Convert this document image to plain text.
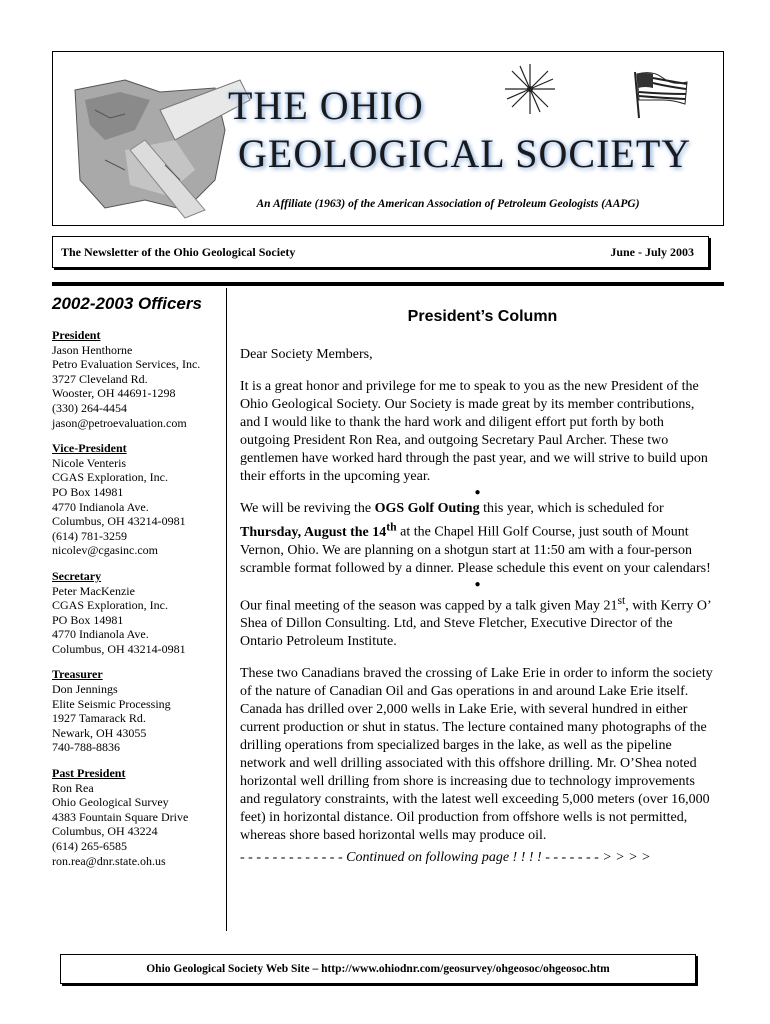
THE OHIO
GEOLOGICAL SOCIETY
An Affiliate (1963) of the American Association of Petroleum Geologists (AAPG)
The Newsletter of the Ohio Geological Society	June - July 2003
2002-2003 Officers
President
Jason Henthorne
Petro Evaluation Services, Inc.
3727 Cleveland Rd.
Wooster, OH 44691-1298
(330) 264-4454
jason@petroevaluation.com
Vice-President
Nicole Venteris
CGAS Exploration, Inc.
PO Box 14981
4770 Indianola Ave.
Columbus, OH 43214-0981
(614) 781-3259
nicolev@cgasinc.com
Secretary
Peter MacKenzie
CGAS Exploration, Inc.
PO Box 14981
4770 Indianola Ave.
Columbus, OH 43214-0981
Treasurer
Don Jennings
Elite Seismic Processing
1927 Tamarack Rd.
Newark, OH 43055
740-788-8836
Past President
Ron Rea
Ohio Geological Survey
4383 Fountain Square Drive
Columbus, OH 43224
(614) 265-6585
ron.rea@dnr.state.oh.us
President’s Column

Dear Society Members,

It is a great honor and privilege for me to speak to you as the new President of the Ohio Geological Society. Our Society is made great by its member contributions, and I would like to thank the hard work and diligent effort put forth by both outgoing President Ron Rea, and outgoing Secretary Paul Archer. These two gentlemen have worked hard through the past year, and we will strive to build upon their efforts in the upcoming year.

●

We will be reviving the OGS Golf Outing this year, which is scheduled for Thursday, August the 14th at the Chapel Hill Golf Course, just south of Mount Vernon, Ohio. We are planning on a shotgun start at 11:50 am with a four-person scramble format followed by a dinner. Please schedule this event on your calendars!

●

Our final meeting of the season was capped by a talk given May 21st, with Kerry O’ Shea of Dillon Consulting. Ltd, and Steve Fletcher, Executive Director of the Ontario Petroleum Institute.

These two Canadians braved the crossing of Lake Erie in order to inform the society of the nature of Canadian Oil and Gas operations in and around Lake Erie itself. Canada has drilled over 2,000 wells in Lake Erie, with several hundred in either current production or shut in status. The lecture contained many photographs of the drilling operations from specialized barges in the lake, as well as the pipeline network and well drilling associated with this offshore drilling. Mr. O’Shea noted horizontal well drilling from shore is increasing due to technology improvements and regulatory constraints, with the latest well exceeding 5,000 meters (over 16,000 feet) in horizontal distance. Oil production from offshore wells is not permitted, whereas shore based horizontal wells may produce oil.

- - - - - - - - - - - - - Continued on following page ! ! ! ! - - - - - - - > > > >
Ohio Geological Society Web Site – http://www.ohiodnr.com/geosurvey/ohgeosoc/ohgeosoc.htm
